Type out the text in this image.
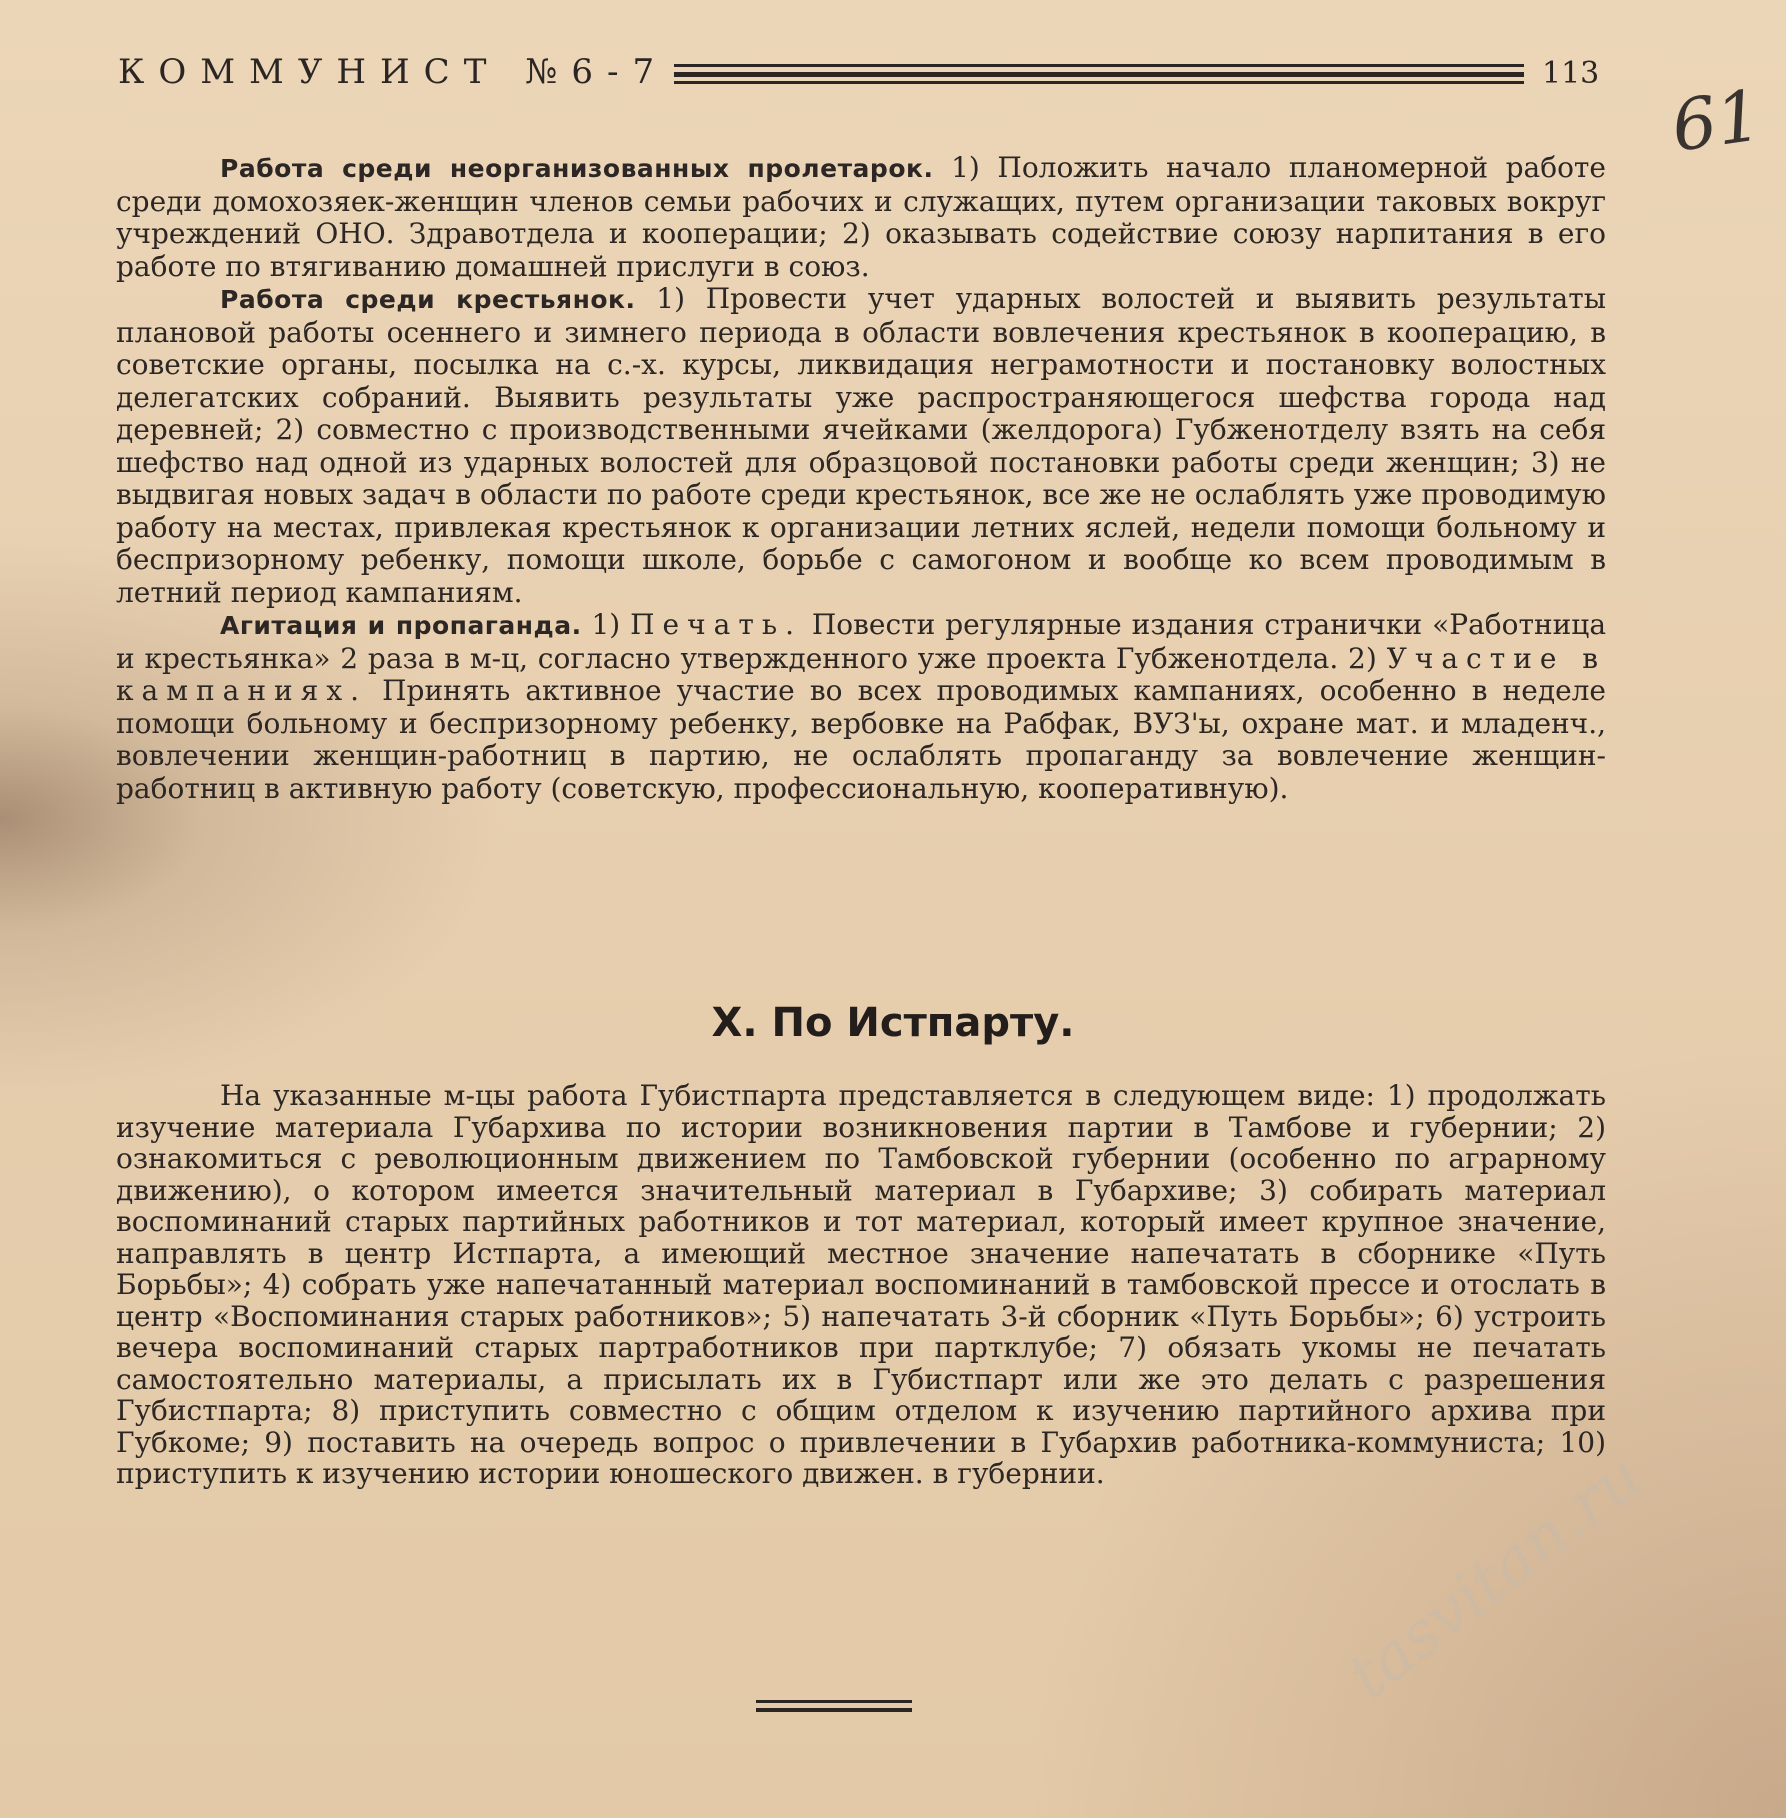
КОММУНИСТ №6-7	113
61

Работа среди неорганизованных пролетарок. 1) Положить начало планомерной работе среди домохозяек-женщин членов семьи рабочих и служащих, путем организации таковых вокруг учреждений ОНО. Здравотдела и кооперации; 2) оказывать содействие союзу нарпитания в его работе по втягиванию домашней прислуги в союз.

Работа среди крестьянок. 1) Провести учет ударных волостей и выявить результаты плановой работы осеннего и зимнего периода в области вовлечения крестьянок в кооперацию, в советские органы, посылка на с.-х. курсы, ликвидация неграмотности и постановку волостных делегатских собраний. Выявить результаты уже распространяющегося шефства города над деревней; 2) совместно с производственными ячейками (желдорога) Губженотделу взять на себя шефство над одной из ударных волостей для образцовой постановки работы среди женщин; 3) не выдвигая новых задач в области по работе среди крестьянок, все же не ослаблять уже проводимую работу на местах, привлекая крестьянок к организации летних яслей, недели помощи больному и беспризорному ребенку, помощи школе, борьбе с самогоном и вообще ко всем проводимым в летний период кампаниям.

Агитация и пропаганда. 1) Печать. Повести регулярные издания странички «Работница и крестьянка» 2 раза в м-ц, согласно утвержденного уже проекта Губженотдела. 2) Участие в кампаниях. Принять активное участие во всех проводимых кампаниях, особенно в неделе помощи больному и беспризорному ребенку, вербовке на Рабфак, ВУЗ'ы, охране мат. и младенч., вовлечении женщин-работниц в партию, не ослаблять пропаганду за вовлечение женщин-работниц в активную работу (советскую, профессиональную, кооперативную).

X. По Истпарту.

На указанные м-цы работа Губистпарта представляется в следующем виде: 1) продолжать изучение материала Губархива по истории возникновения партии в Тамбове и губернии; 2) ознакомиться с революционным движением по Тамбовской губернии (особенно по аграрному движению), о котором имеется значительный материал в Губархиве; 3) собирать материал воспоминаний старых партийных работников и тот материал, который имеет крупное значение, направлять в центр Истпарта, а имеющий местное значение напечатать в сборнике «Путь Борьбы»; 4) собрать уже напечатанный материал воспоминаний в тамбовской прессе и отослать в центр «Воспоминания старых работников»; 5) напечатать 3-й сборник «Путь Борьбы»; 6) устроить вечера воспоминаний старых партработников при партклубе; 7) обязать укомы не печатать самостоятельно материалы, а присылать их в Губистпарт или же это делать с разрешения Губистпарта; 8) приступить совместно с общим отделом к изучению партийного архива при Губкоме; 9) поставить на очередь вопрос о привлечении в Губархив работника-коммуниста; 10) приступить к изучению истории юношеского движен. в губернии.	tasvitan.ru
